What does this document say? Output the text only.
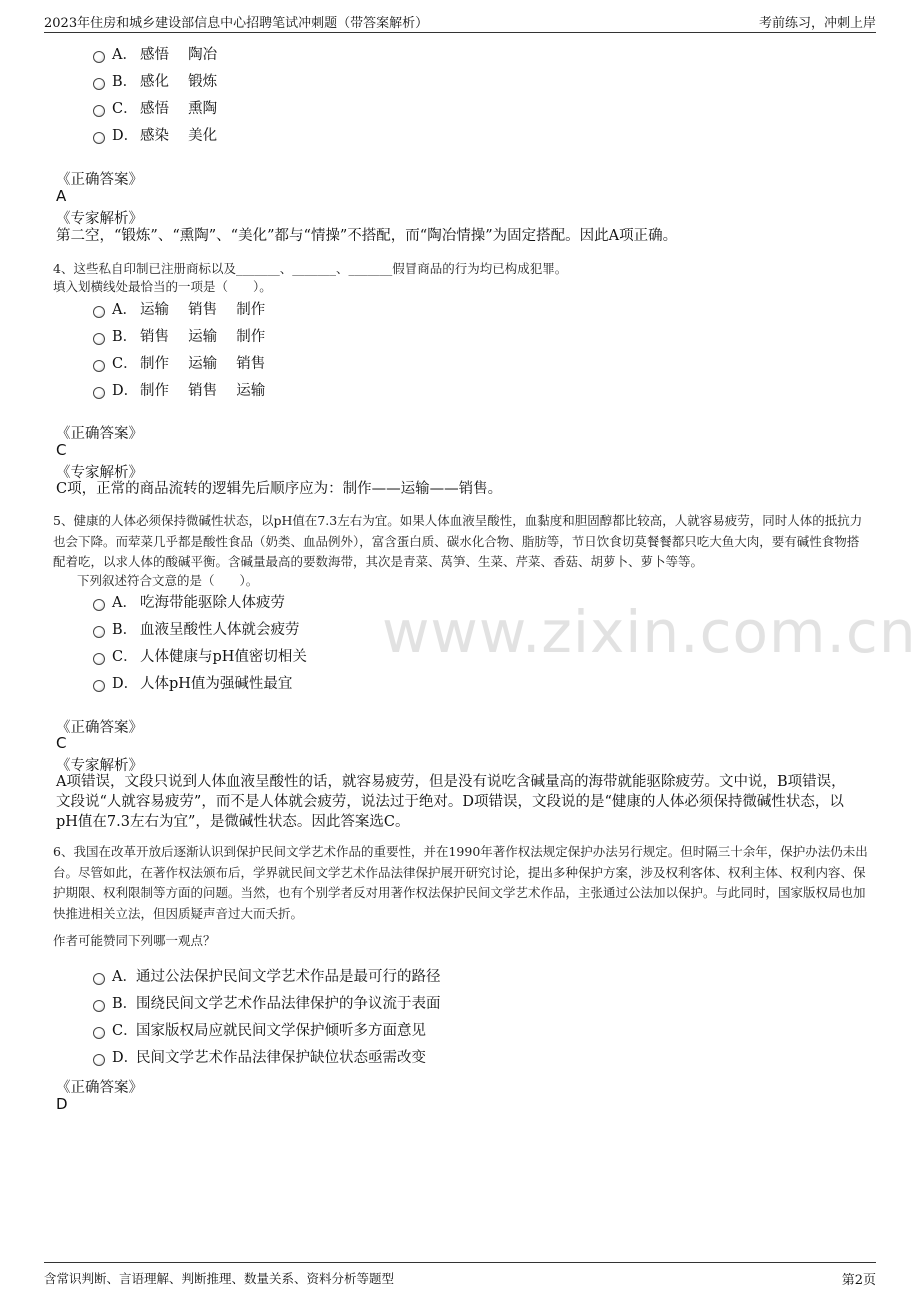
2023年住房和城乡建设部信息中心招聘笔试冲刺题（带答案解析）	考前练习，冲刺上岸
www.zixin.com.cn
A． 感悟　 陶冶
B． 感化　 锻炼
C． 感悟　 熏陶
D． 感染　 美化
《正确答案》
A
《专家解析》
第二空，“锻炼”、“熏陶”、“美化”都与“情操”不搭配，而“陶冶情操”为固定搭配。因此A项正确。
4、这些私自印制已注册商标以及_______、_______、_______假冒商品的行为均已构成犯罪。
填入划横线处最恰当的一项是（　　）。
A． 运输　 销售　 制作
B． 销售　 运输　 制作
C． 制作　 运输　 销售
D． 制作　 销售　 运输
《正确答案》
C
《专家解析》
C项，正常的商品流转的逻辑先后顺序应为：制作——运输——销售。
5、健康的人体必须保持微碱性状态，以pH值在7.3左右为宜。如果人体血液呈酸性，血黏度和胆固醇都比较高，人就容易疲劳，同时人体的抵抗力也会下降。而荤菜几乎都是酸性食品（奶类、血品例外），富含蛋白质、碳水化合物、脂肪等，节日饮食切莫餐餐都只吃大鱼大肉，要有碱性食物搭配着吃，以求人体的酸碱平衡。含碱量最高的要数海带，其次是青菜、莴笋、生菜、芹菜、香菇、胡萝卜、萝卜等等。
下列叙述符合文意的是（　　）。
A． 吃海带能驱除人体疲劳
B． 血液呈酸性人体就会疲劳
C． 人体健康与pH值密切相关
D． 人体pH值为强碱性最宜
《正确答案》
C
《专家解析》
A项错误，文段只说到人体血液呈酸性的话，就容易疲劳，但是没有说吃含碱量高的海带就能驱除疲劳。文中说，B项错误，文段说“人就容易疲劳”，而不是人体就会疲劳，说法过于绝对。D项错误，文段说的是“健康的人体必须保持微碱性状态，以pH值在7.3左右为宜”，是微碱性状态。因此答案选C。
6、我国在改革开放后逐渐认识到保护民间文学艺术作品的重要性，并在1990年著作权法规定保护办法另行规定。但时隔三十余年，保护办法仍未出台。尽管如此，在著作权法颁布后，学界就民间文学艺术作品法律保护展开研究讨论，提出多种保护方案，涉及权利客体、权利主体、权利内容、保护期限、权利限制等方面的问题。当然，也有个别学者反对用著作权法保护民间文学艺术作品，主张通过公法加以保护。与此同时，国家版权局也加快推进相关立法，但因质疑声音过大而夭折。
作者可能赞同下列哪一观点？
A．通过公法保护民间文学艺术作品是最可行的路径
B．围绕民间文学艺术作品法律保护的争议流于表面
C．国家版权局应就民间文学保护倾听多方面意见
D．民间文学艺术作品法律保护缺位状态亟需改变
《正确答案》
D
含常识判断、言语理解、判断推理、数量关系、资料分析等题型	第2页
